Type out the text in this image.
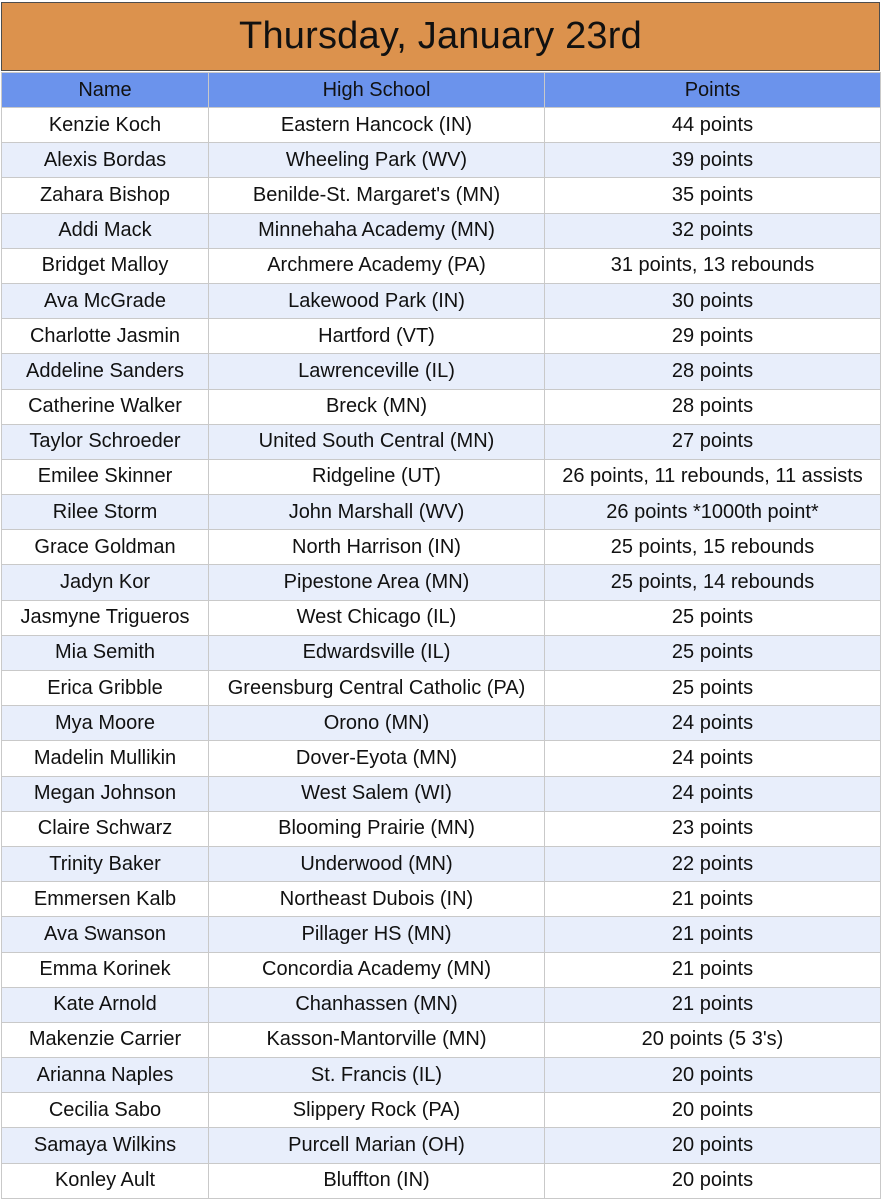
Thursday, January 23rd
Name	High School	Points
Kenzie Koch	Eastern Hancock (IN)	44 points
Alexis Bordas	Wheeling Park (WV)	39 points
Zahara Bishop	Benilde-St. Margaret's (MN)	35 points
Addi Mack	Minnehaha Academy (MN)	32 points
Bridget Malloy	Archmere Academy (PA)	31 points, 13 rebounds
Ava McGrade	Lakewood Park (IN)	30 points
Charlotte Jasmin	Hartford (VT)	29 points
Addeline Sanders	Lawrenceville (IL)	28 points
Catherine Walker	Breck (MN)	28 points
Taylor Schroeder	United South Central (MN)	27 points
Emilee Skinner	Ridgeline (UT)	26 points, 11 rebounds, 11 assists
Rilee Storm	John Marshall (WV)	26 points *1000th point*
Grace Goldman	North Harrison (IN)	25 points, 15 rebounds
Jadyn Kor	Pipestone Area (MN)	25 points, 14 rebounds
Jasmyne Trigueros	West Chicago (IL)	25 points
Mia Semith	Edwardsville (IL)	25 points
Erica Gribble	Greensburg Central Catholic (PA)	25 points
Mya Moore	Orono (MN)	24 points
Madelin Mullikin	Dover-Eyota (MN)	24 points
Megan Johnson	West Salem (WI)	24 points
Claire Schwarz	Blooming Prairie (MN)	23 points
Trinity Baker	Underwood (MN)	22 points
Emmersen Kalb	Northeast Dubois (IN)	21 points
Ava Swanson	Pillager HS (MN)	21 points
Emma Korinek	Concordia Academy (MN)	21 points
Kate Arnold	Chanhassen (MN)	21 points
Makenzie Carrier	Kasson-Mantorville (MN)	20 points (5 3's)
Arianna Naples	St. Francis (IL)	20 points
Cecilia Sabo	Slippery Rock (PA)	20 points
Samaya Wilkins	Purcell Marian (OH)	20 points
Konley Ault	Bluffton (IN)	20 points
